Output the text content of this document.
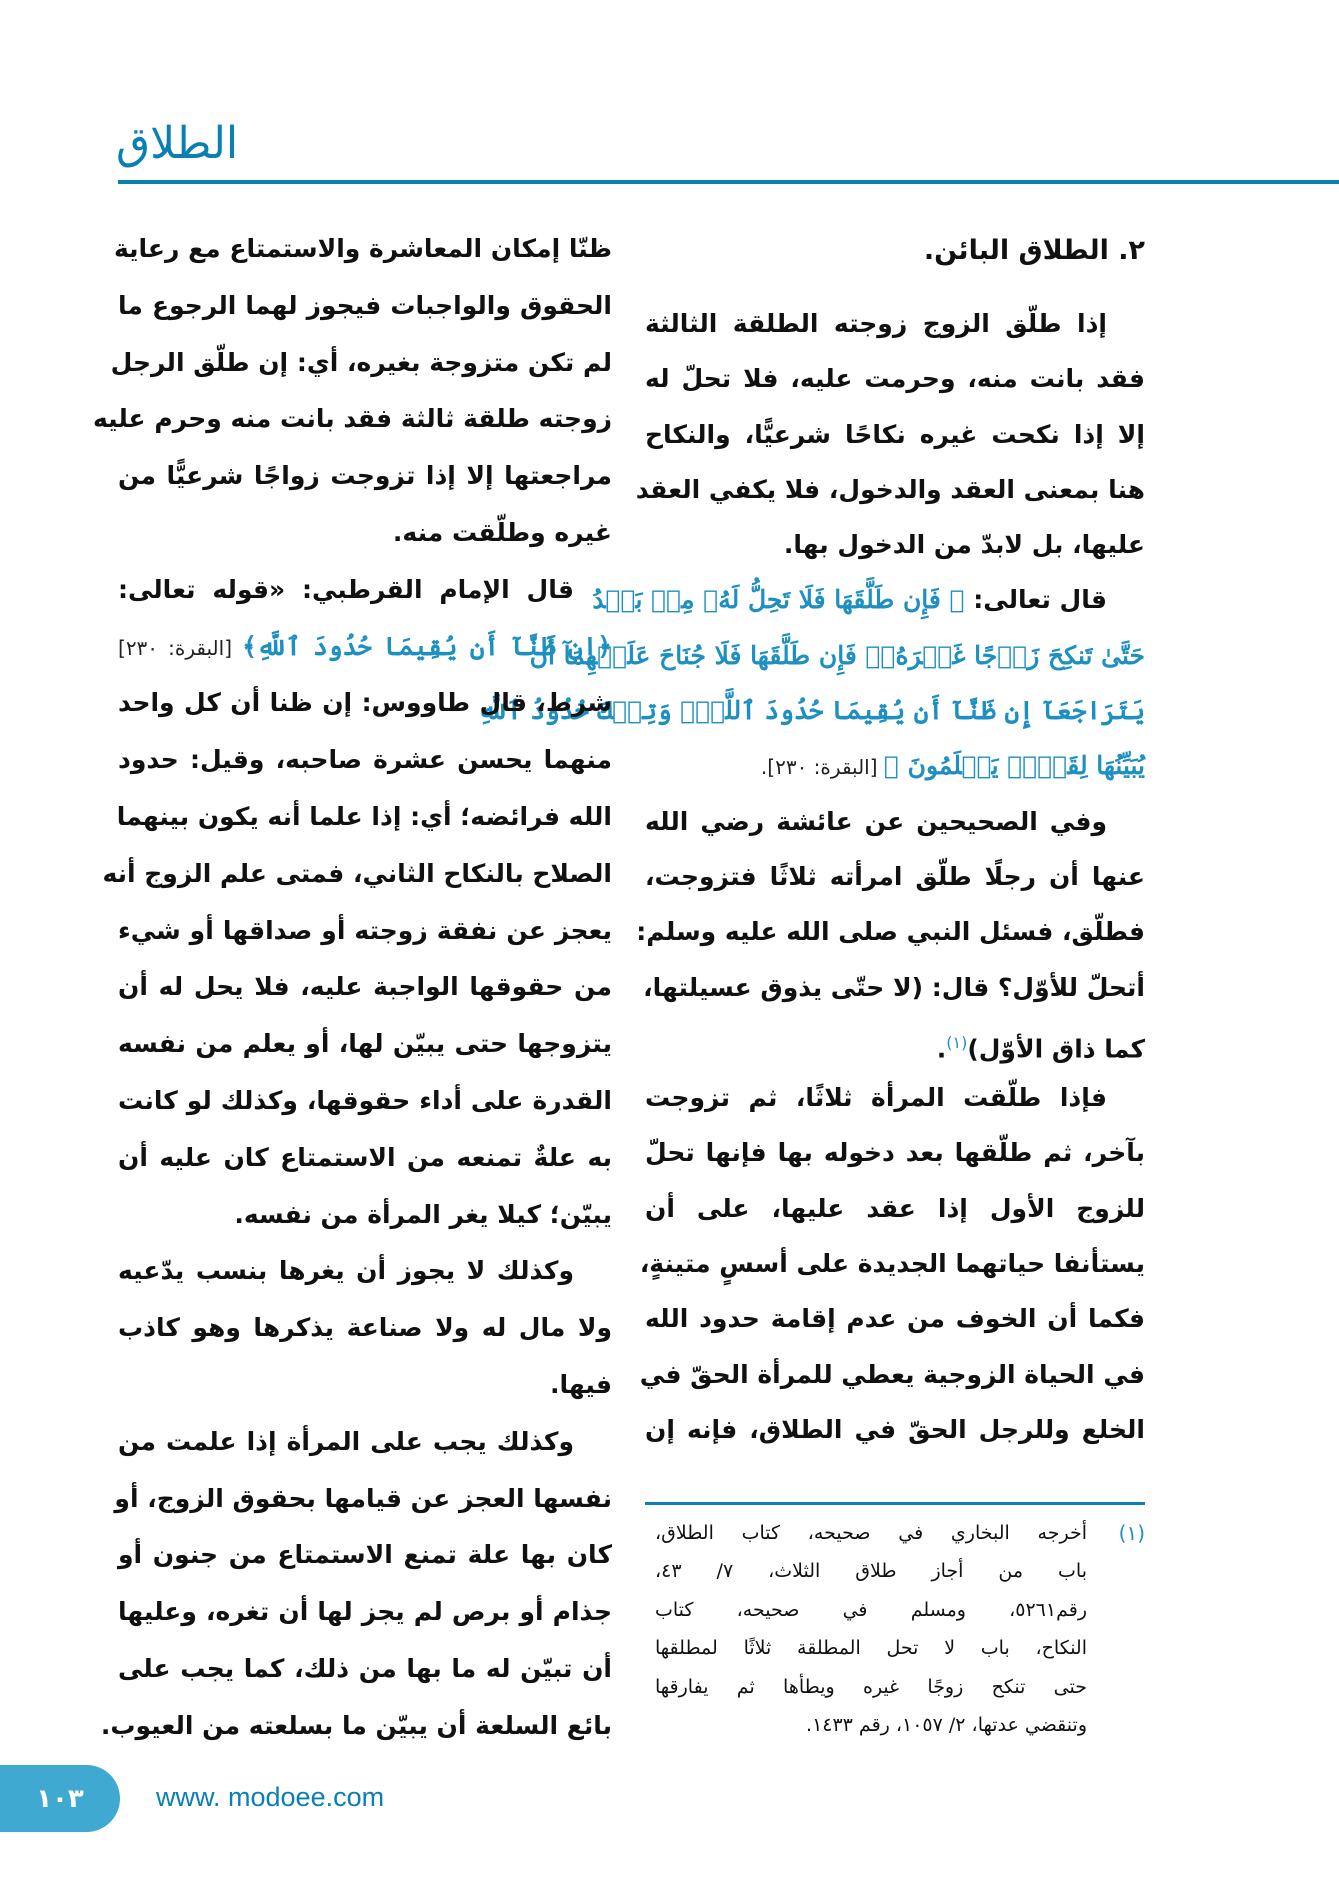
الطلاق
٢. الطلاق البائن.
إذا طلّق الزوج زوجته الطلقة الثالثة
فقد بانت منه، وحرمت عليه، فلا تحلّ له
إلا إذا نكحت غيره نكاحًا شرعيًّا، والنكاح
هنا بمعنى العقد والدخول، فلا يكفي العقد
عليها، بل لابدّ من الدخول بها.
قال تعالى: ﴿ فَإِن طَلَّقَهَا فَلَا تَحِلُّ لَهُۥ مِنۢ بَعۡدُ
حَتَّىٰ تَنكِحَ زَوۡجًا غَيۡرَهُۥۗ فَإِن طَلَّقَهَا فَلَا جُنَاحَ عَلَيۡهِمَآ أَن
يَتَرَاجَعَآ إِن ظَنَّآ أَن يُقِيمَا حُدُودَ ٱللَّهِۗ وَتِلۡكَ حُدُودُ ٱللَّهِ
يُبَيِّنُهَا لِقَوۡمٖ يَعۡلَمُونَ ﴾ [البقرة: ٢٣٠].
وفي الصحيحين عن عائشة رضي الله
عنها أن رجلًا طلّق امرأته ثلاثًا فتزوجت،
فطلّق، فسئل النبي صلى الله عليه وسلم:
أتحلّ للأوّل؟ قال: (لا حتّى يذوق عسيلتها،
كما ذاق الأوّل)$^{(١)}$.
فإذا طلّقت المرأة ثلاثًا، ثم تزوجت
بآخر، ثم طلّقها بعد دخوله بها فإنها تحلّ
للزوج الأول إذا عقد عليها، على أن
يستأنفا حياتهما الجديدة على أسسٍ متينةٍ،
فكما أن الخوف من عدم إقامة حدود الله
في الحياة الزوجية يعطي للمرأة الحقّ في
الخلع وللرجل الحقّ في الطلاق، فإنه إن
ظنّا إمكان المعاشرة والاستمتاع مع رعاية
الحقوق والواجبات فيجوز لهما الرجوع ما
لم تكن متزوجة بغيره، أي: إن طلّق الرجل
زوجته طلقة ثالثة فقد بانت منه وحرم عليه
مراجعتها إلا إذا تزوجت زواجًا شرعيًّا من
غيره وطلّقت منه.
قال الإمام القرطبي: «قوله تعالى:
﴿إِن ظَنَّآ أَن يُقِيمَا حُدُودَ ٱللَّهِ﴾ [البقرة: ٢٣٠]
شرط، قال طاووس: إن ظنا أن كل واحد
منهما يحسن عشرة صاحبه، وقيل: حدود
الله فرائضه؛ أي: إذا علما أنه يكون بينهما
الصلاح بالنكاح الثاني، فمتى علم الزوج أنه
يعجز عن نفقة زوجته أو صداقها أو شيء
من حقوقها الواجبة عليه، فلا يحل له أن
يتزوجها حتى يبيّن لها، أو يعلم من نفسه
القدرة على أداء حقوقها، وكذلك لو كانت
به علةٌ تمنعه من الاستمتاع كان عليه أن
يبيّن؛ كيلا يغر المرأة من نفسه.
وكذلك لا يجوز أن يغرها بنسب يدّعيه
ولا مال له ولا صناعة يذكرها وهو كاذب
فيها.
وكذلك يجب على المرأة إذا علمت من
نفسها العجز عن قيامها بحقوق الزوج، أو
كان بها علة تمنع الاستمتاع من جنون أو
جذام أو برص لم يجز لها أن تغره، وعليها
أن تبيّن له ما بها من ذلك، كما يجب على
بائع السلعة أن يبيّن ما بسلعته من العيوب.
(١)
أخرجه البخاري في صحيحه، كتاب الطلاق،
باب من أجاز طلاق الثلاث، ٧/ ٤٣،
رقم٥٢٦١، ومسلم في صحيحه، كتاب
النكاح، باب لا تحل المطلقة ثلاثًا لمطلقها
حتى تنكح زوجًا غيره ويطأها ثم يفارقها
وتنقضي عدتها، ٢/ ١٠٥٧، رقم ١٤٣٣.
١٠٣	www. modoee.com
